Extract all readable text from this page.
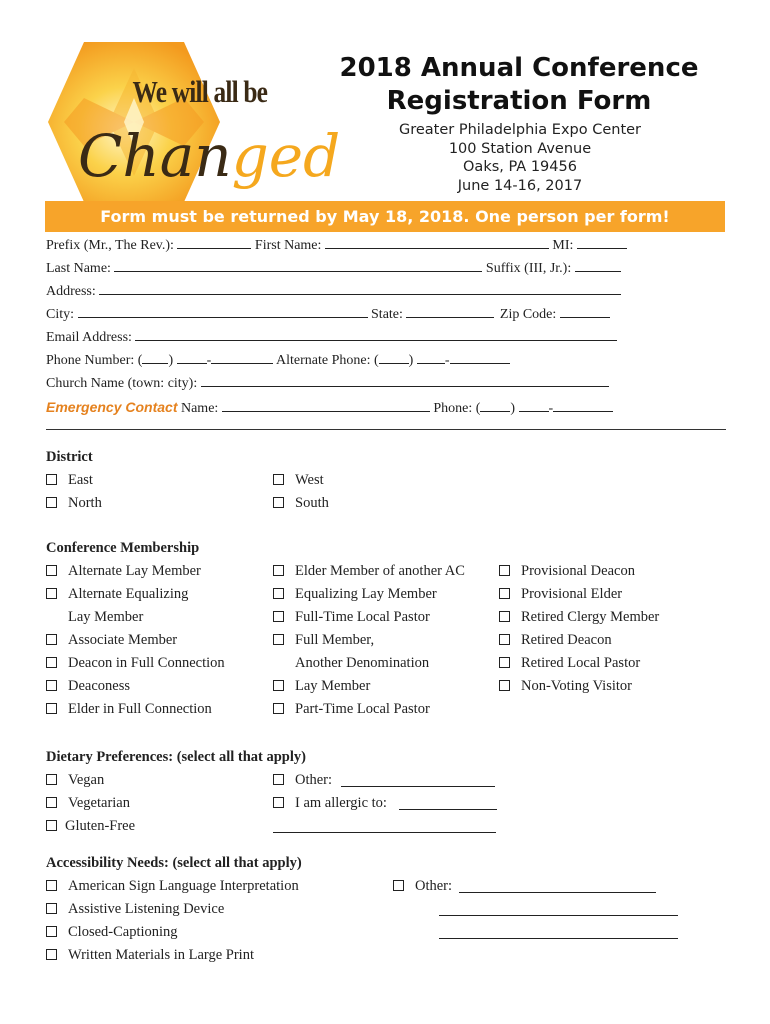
We will all be
Changed
2018 Annual Conference
Registration Form
Greater Philadelphia Expo Center
100 Station Avenue
Oaks, PA 19456
June 14-16, 2017
Form must be returned by May 18, 2018. One person per form!
Prefix (Mr., The Rev.):	First Name:	MI:
Last Name:	Suffix (III, Jr.):
Address:
City:	State:	Zip Code:
Email Address:
Phone Number: ( ) -	Alternate Phone: ( ) -
Church Name (town: city):
Emergency Contact Name:	Phone: ( ) -
District
East
North
West
South
Conference Membership
Alternate Lay Member
Alternate Equalizing
Lay Member
Associate Member
Deacon in Full Connection
Deaconess
Elder in Full Connection
Elder Member of another AC
Equalizing Lay Member
Full-Time Local Pastor
Full Member,
Another Denomination
Lay Member
Part-Time Local Pastor
Provisional Deacon
Provisional Elder
Retired Clergy Member
Retired Deacon
Retired Local Pastor
Non-Voting Visitor
Dietary Preferences: (select all that apply)
Vegan
Vegetarian
Gluten-Free
Other:
I am allergic to:
Accessibility Needs: (select all that apply)
American Sign Language Interpretation
Assistive Listening Device
Closed-Captioning
Written Materials in Large Print
Other:
